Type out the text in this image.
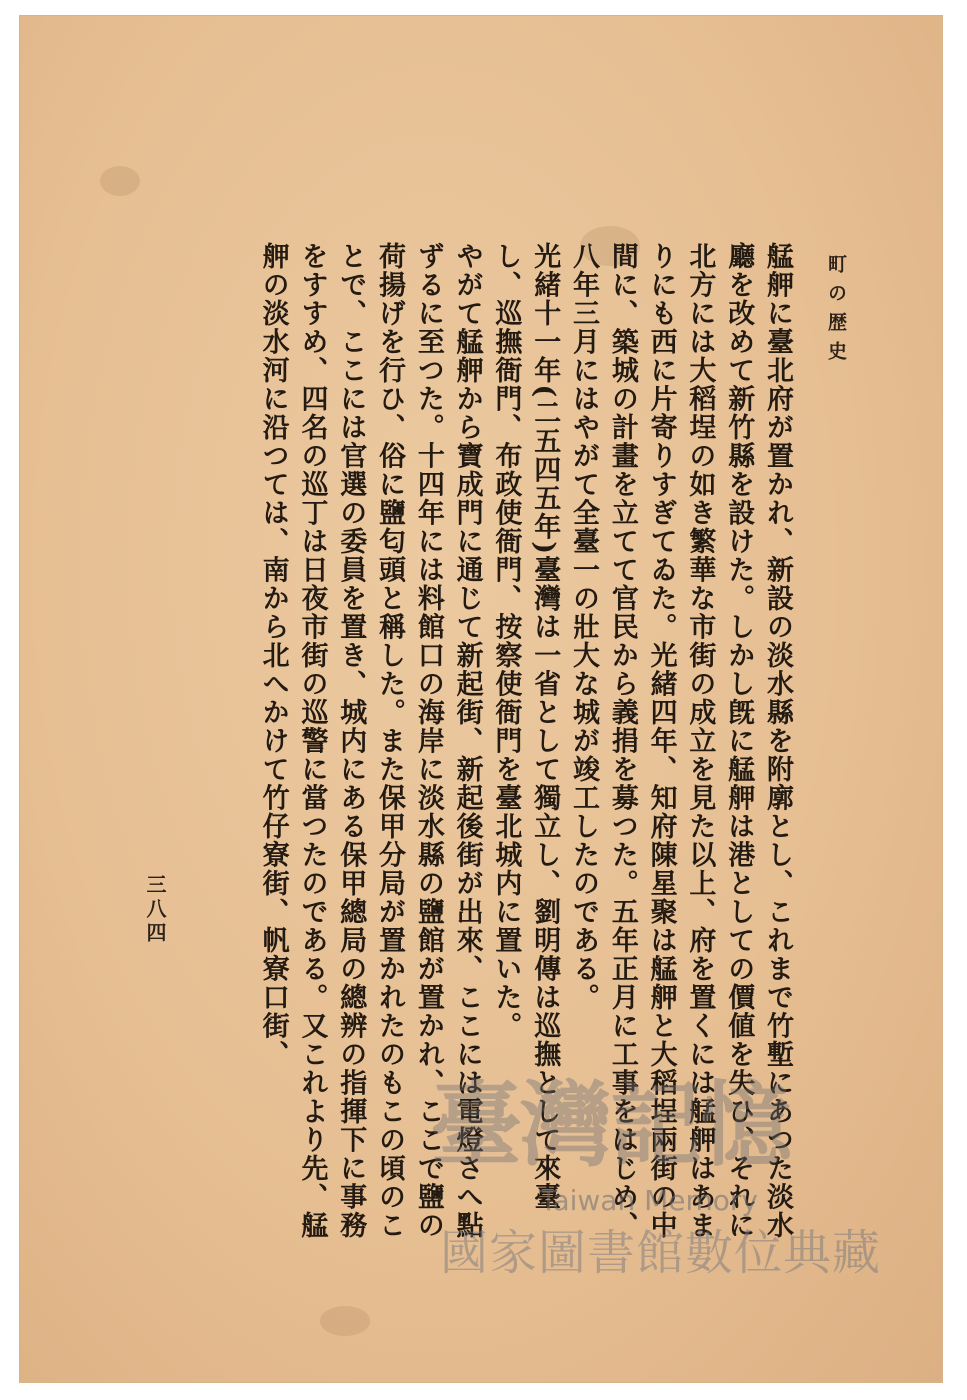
町の歴史

艋舺に臺北府が置かれ、新設の淡水縣を附廓とし、これまで竹塹にあつた淡水廳を改めて新竹縣を設けた。しかし旣に艋舺は港としての價値を失ひ、それに北方には大稻埕の如き繁華な市街の成立を見た以上、府を置くには艋舺はあまりにも西に片寄りすぎてゐた。光緒四年、知府陳星聚は艋舺と大稻埕兩街の中間に、築城の計畫を立てて官民から義捐を募つた。五年正月に工事をはじめ、八年三月にはやがて全臺一の壯大な城が竣工したのである。

光緒十一年(二五四五年)臺灣は一省として獨立し、劉明傳は巡撫として來臺し、巡撫衙門、布政使衙門、按察使衙門を臺北城内に置いた。

やがて艋舺から寶成門に通じて新起街、新起後街が出來、ここには電燈さへ點ずるに至つた。十四年には料館口の海岸に淡水縣の鹽館が置かれ、ここで鹽の荷揚げを行ひ、俗に鹽匂頭と稱した。また保甲分局が置かれたのもこの頃のことで、ここには官選の委員を置き、城内にある保甲總局の總辨の指揮下に事務をすすめ、四名の巡丁は日夜市街の巡警に當つたのである。又これより先、艋舺の淡水河に沿つては、南から北へかけて竹仔寮街、帆寮口街、

三八四
臺灣記憶
Taiwan Memory
國家圖書館數位典藏
